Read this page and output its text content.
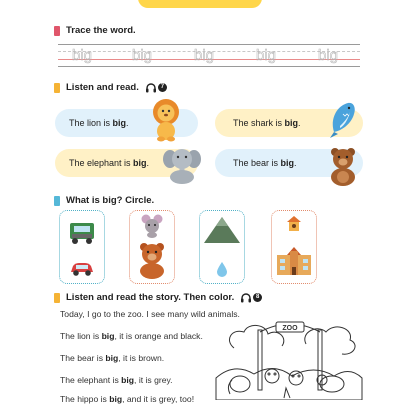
Trace the word.
big	big	big	big	big
Listen and read.	7
The lion is big.	The shark is big.
The elephant is big.	The bear is big.
What is big? Circle.
Listen and read the story. Then color.	8
Today, I go to the zoo. I see many wild animals.
The lion is big, it is orange and black.
The bear is big, it is brown.
The elephant is big, it is grey.
The hippo is big, and it is grey, too!
ZOO
